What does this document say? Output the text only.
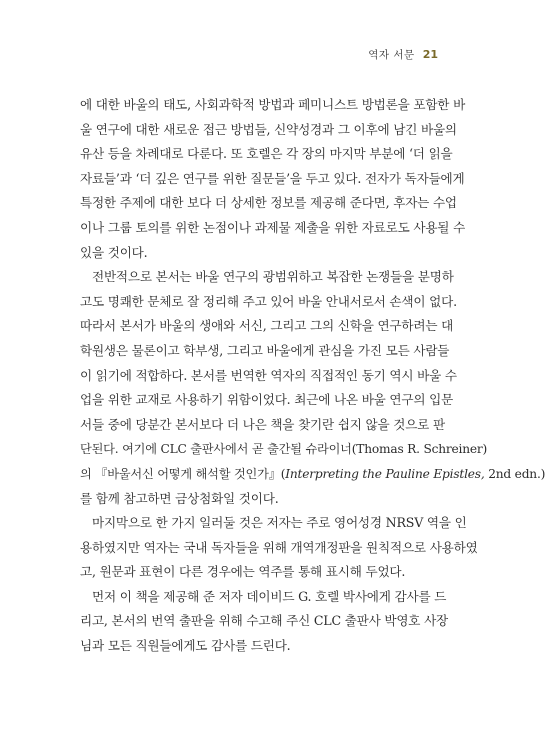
역자 서문 21
에 대한 바울의 태도, 사회과학적 방법과 페미니스트 방법론을 포함한 바
울 연구에 대한 새로운 접근 방법들, 신약성경과 그 이후에 남긴 바울의
유산 등을 차례대로 다룬다. 또 호렐은 각 장의 마지막 부분에 ‘더 읽을
자료들’과 ‘더 깊은 연구를 위한 질문들’을 두고 있다. 전자가 독자들에게
특정한 주제에 대한 보다 더 상세한 정보를 제공해 준다면, 후자는 수업
이나 그룹 토의를 위한 논점이나 과제물 제출을 위한 자료로도 사용될 수
있을 것이다.
전반적으로 본서는 바울 연구의 광범위하고 복잡한 논쟁들을 분명하
고도 명쾌한 문체로 잘 정리해 주고 있어 바울 안내서로서 손색이 없다.
따라서 본서가 바울의 생애와 서신, 그리고 그의 신학을 연구하려는 대
학원생은 물론이고 학부생, 그리고 바울에게 관심을 가진 모든 사람들
이 읽기에 적합하다. 본서를 번역한 역자의 직접적인 동기 역시 바울 수
업을 위한 교재로 사용하기 위함이었다. 최근에 나온 바울 연구의 입문
서들 중에 당분간 본서보다 더 나은 책을 찾기란 쉽지 않을 것으로 판
단된다. 여기에 CLC 출판사에서 곧 출간될 슈라이너(Thomas R. Schreiner)
의 『바울서신 어떻게 해석할 것인가』(Interpreting the Pauline Epistles, 2nd edn.)
를 함께 참고하면 금상첨화일 것이다.
마지막으로 한 가지 일러둘 것은 저자는 주로 영어성경 NRSV 역을 인
용하였지만 역자는 국내 독자들을 위해 개역개정판을 원칙적으로 사용하였
고, 원문과 표현이 다른 경우에는 역주를 통해 표시해 두었다.
먼저 이 책을 제공해 준 저자 데이비드 G. 호렐 박사에게 감사를 드
리고, 본서의 번역 출판을 위해 수고해 주신 CLC 출판사 박영호 사장
님과 모든 직원들에게도 감사를 드린다.
